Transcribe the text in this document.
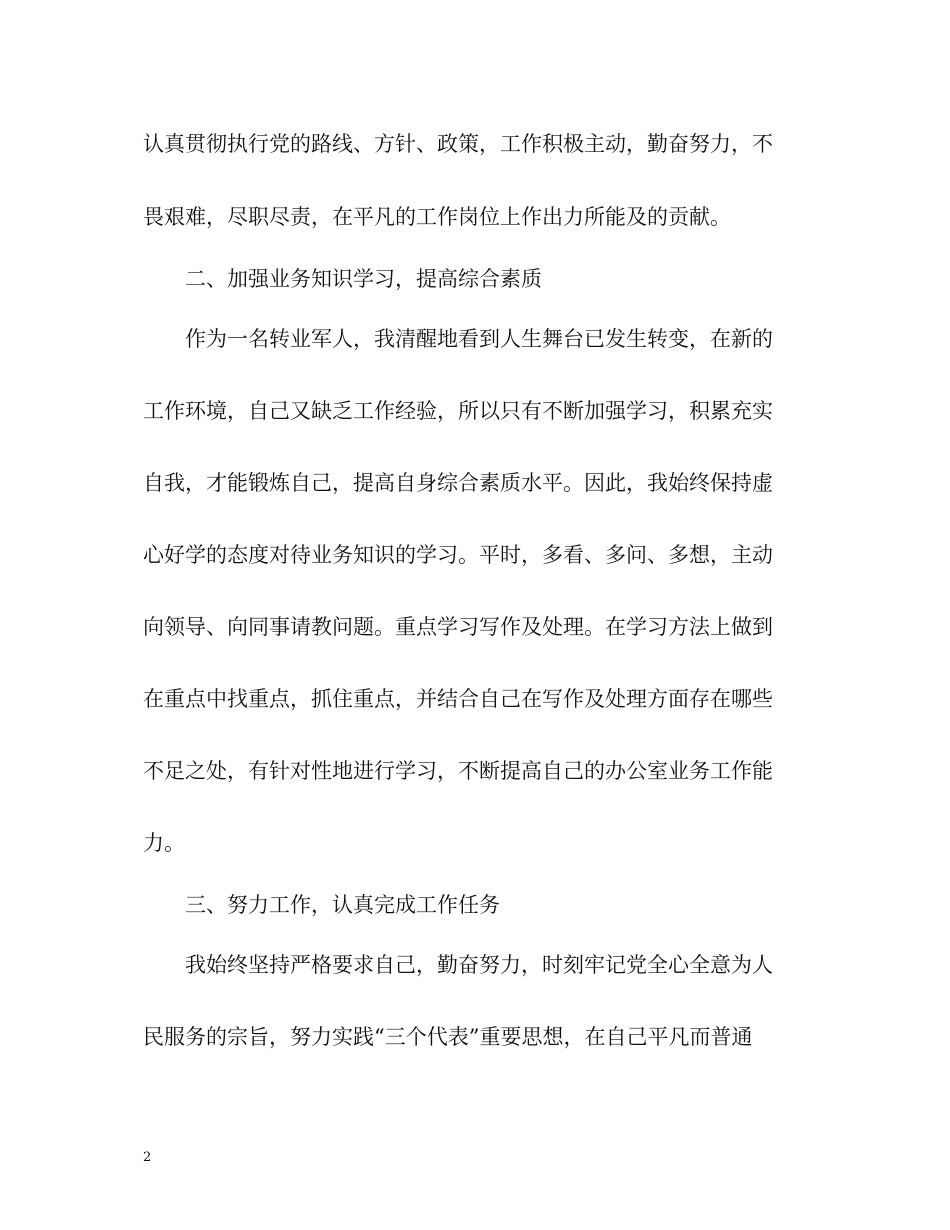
认真贯彻执行党的路线、方针、政策，工作积极主动，勤奋努力，不
畏艰难，尽职尽责，在平凡的工作岗位上作出力所能及的贡献。
二、加强业务知识学习，提高综合素质
作为一名转业军人，我清醒地看到人生舞台已发生转变，在新的
工作环境，自己又缺乏工作经验，所以只有不断加强学习，积累充实
自我，才能锻炼自己，提高自身综合素质水平。因此，我始终保持虚
心好学的态度对待业务知识的学习。平时，多看、多问、多想，主动
向领导、向同事请教问题。重点学习写作及处理。在学习方法上做到
在重点中找重点，抓住重点，并结合自己在写作及处理方面存在哪些
不足之处，有针对性地进行学习，不断提高自己的办公室业务工作能
力。
三、努力工作，认真完成工作任务
我始终坚持严格要求自己，勤奋努力，时刻牢记党全心全意为人
民服务的宗旨，努力实践“三个代表”重要思想，在自己平凡而普通
2
